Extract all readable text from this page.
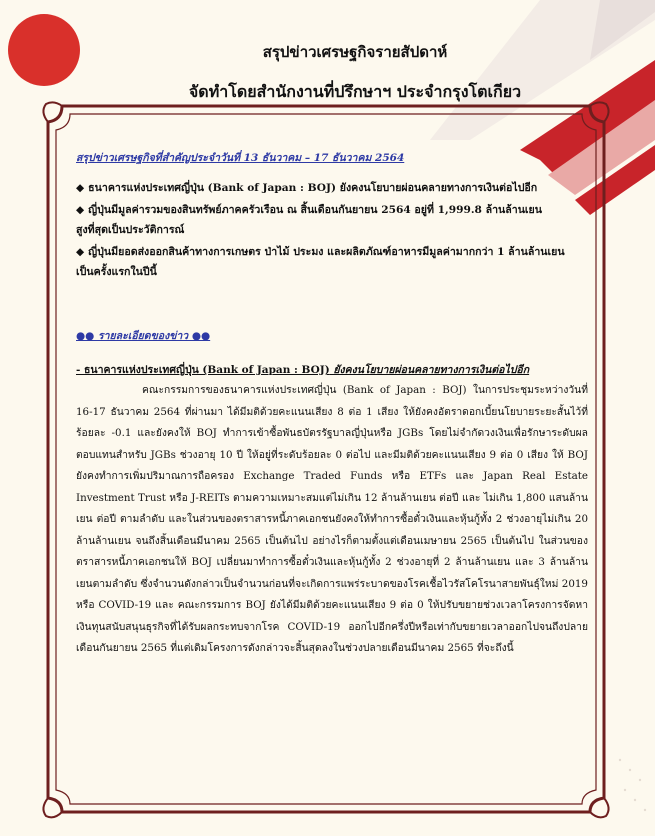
สรุปข่าวเศรษฐกิจรายสัปดาห์
จัดทำโดยสำนักงานที่ปรึกษาฯ ประจำกรุงโตเกียว

สรุปข่าวเศรษฐกิจที่สำคัญประจำวันที่ 13 ธันวาคม – 17 ธันวาคม 2564

◆ ธนาคารแห่งประเทศญี่ปุ่น (Bank of Japan : BOJ) ยังคงนโยบายผ่อนคลายทางการเงินต่อไปอีก

◆ ญี่ปุ่นมีมูลค่ารวมของสินทรัพย์ภาคครัวเรือน ณ สิ้นเดือนกันยายน 2564 อยู่ที่ 1,999.8 ล้านล้านเยน
สูงที่สุดเป็นประวัติการณ์

◆ ญี่ปุ่นมียอดส่งออกสินค้าทางการเกษตร ป่าไม้ ประมง และผลิตภัณฑ์อาหารมีมูลค่ามากกว่า 1 ล้านล้านเยน
เป็นครั้งแรกในปีนี้

●● รายละเอียดของข่าว ●●

- ธนาคารแห่งประเทศญี่ปุ่น (Bank of Japan : BOJ) ยังคงนโยบายผ่อนคลายทางการเงินต่อไปอีก

คณะกรรมการของธนาคารแห่งประเทศญี่ปุ่น (Bank of Japan : BOJ) ในการประชุมระหว่างวันที่ 16-17 ธันวาคม 2564 ที่ผ่านมา ได้มีมติด้วยคะแนนเสียง 8 ต่อ 1 เสียง ให้ยังคงอัตราดอกเบี้ยนโยบายระยะสั้นไว้ที่ร้อยละ -0.1 และยังคงให้ BOJ ทำการเข้าซื้อพันธบัตรรัฐบาลญี่ปุ่นหรือ JGBs โดยไม่จำกัดวงเงินเพื่อรักษาระดับผลตอบแทนสำหรับ JGBs ช่วงอายุ 10 ปี ให้อยู่ที่ระดับร้อยละ 0 ต่อไป และมีมติด้วยคะแนนเสียง 9 ต่อ 0 เสียง ให้ BOJ ยังคงทำการเพิ่มปริมาณการถือครอง Exchange Traded Funds หรือ ETFs และ Japan Real Estate Investment Trust หรือ J-REITs ตามความเหมาะสมแต่ไม่เกิน 12 ล้านล้านเยน ต่อปี และ ไม่เกิน 1,800 แสนล้านเยน ต่อปี ตามลำดับ และในส่วนของตราสารหนี้ภาคเอกชนยังคงให้ทำการซื้อตั๋วเงินและหุ้นกู้ทั้ง 2 ช่วงอายุไม่เกิน 20 ล้านล้านเยน จนถึงสิ้นเดือนมีนาคม 2565 เป็นต้นไป อย่างไรก็ตามตั้งแต่เดือนเมษายน 2565 เป็นต้นไป ในส่วนของตราสารหนี้ภาคเอกชนให้ BOJ เปลี่ยนมาทำการซื้อตั๋วเงินและหุ้นกู้ทั้ง 2 ช่วงอายุที่ 2 ล้านล้านเยน และ 3 ล้านล้านเยนตามลำดับ ซึ่งจำนวนดังกล่าวเป็นจำนวนก่อนที่จะเกิดการแพร่ระบาดของโรคเชื้อไวรัสโคโรนาสายพันธุ์ใหม่ 2019 หรือ COVID-19 และ คณะกรรมการ BOJ ยังได้มีมติด้วยคะแนนเสียง 9 ต่อ 0 ให้ปรับขยายช่วงเวลาโครงการจัดหาเงินทุนสนับสนุนธุรกิจที่ได้รับผลกระทบจากโรค COVID-19 ออกไปอีกครึ่งปีหรือเท่ากับขยายเวลาออกไปจนถึงปลายเดือนกันยายน 2565 ที่แต่เดิมโครงการดังกล่าวจะสิ้นสุดลงในช่วงปลายเดือนมีนาคม 2565 ที่จะถึงนี้
